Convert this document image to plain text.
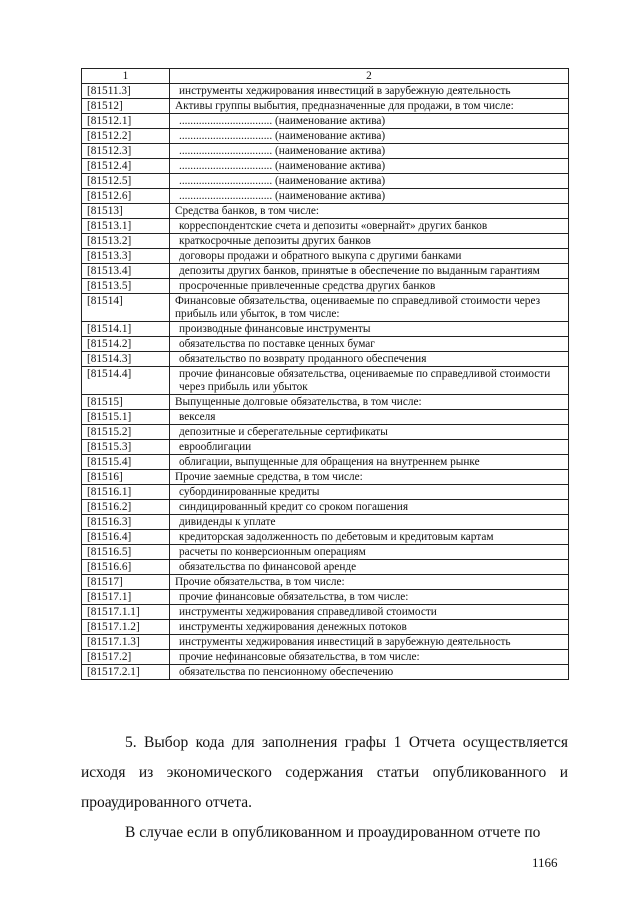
1	2
[81511.3]	инструменты хеджирования инвестиций в зарубежную деятельность
[81512]	Активы группы выбытия, предназначенные для продажи, в том числе:
[81512.1]	................................. (наименование актива)
[81512.2]	................................. (наименование актива)
[81512.3]	................................. (наименование актива)
[81512.4]	................................. (наименование актива)
[81512.5]	................................. (наименование актива)
[81512.6]	................................. (наименование актива)
[81513]	Средства банков, в том числе:
[81513.1]	корреспондентские счета и депозиты «овернайт» других банков
[81513.2]	краткосрочные депозиты других банков
[81513.3]	договоры продажи и обратного выкупа с другими банками
[81513.4]	депозиты других банков, принятые в обеспечение по выданным гарантиям
[81513.5]	просроченные привлеченные средства других банков
[81514]	Финансовые обязательства, оцениваемые по справедливой стоимости через прибыль или убыток, в том числе:
[81514.1]	производные финансовые инструменты
[81514.2]	обязательства по поставке ценных бумаг
[81514.3]	обязательство по возврату проданного обеспечения
[81514.4]	прочие финансовые обязательства, оцениваемые по справедливой стоимости через прибыль или убыток
[81515]	Выпущенные долговые обязательства, в том числе:
[81515.1]	векселя
[81515.2]	депозитные и сберегательные сертификаты
[81515.3]	еврооблигации
[81515.4]	облигации, выпущенные для обращения на внутреннем рынке
[81516]	Прочие заемные средства, в том числе:
[81516.1]	субординированные кредиты
[81516.2]	синдицированный кредит со сроком погашения
[81516.3]	дивиденды к уплате
[81516.4]	кредиторская задолженность по дебетовым и кредитовым картам
[81516.5]	расчеты по конверсионным операциям
[81516.6]	обязательства по финансовой аренде
[81517]	Прочие обязательства, в том числе:
[81517.1]	прочие финансовые обязательства, в том числе:
[81517.1.1]	инструменты хеджирования справедливой стоимости
[81517.1.2]	инструменты хеджирования денежных потоков
[81517.1.3]	инструменты хеджирования инвестиций в зарубежную деятельность
[81517.2]	прочие нефинансовые обязательства, в том числе:
[81517.2.1]	обязательства по пенсионному обеспечению

5. Выбор кода для заполнения графы 1 Отчета осуществляется исходя из экономического содержания статьи опубликованного и проаудированного отчета.

В случае если в опубликованном и проаудированном отчете по

1166
